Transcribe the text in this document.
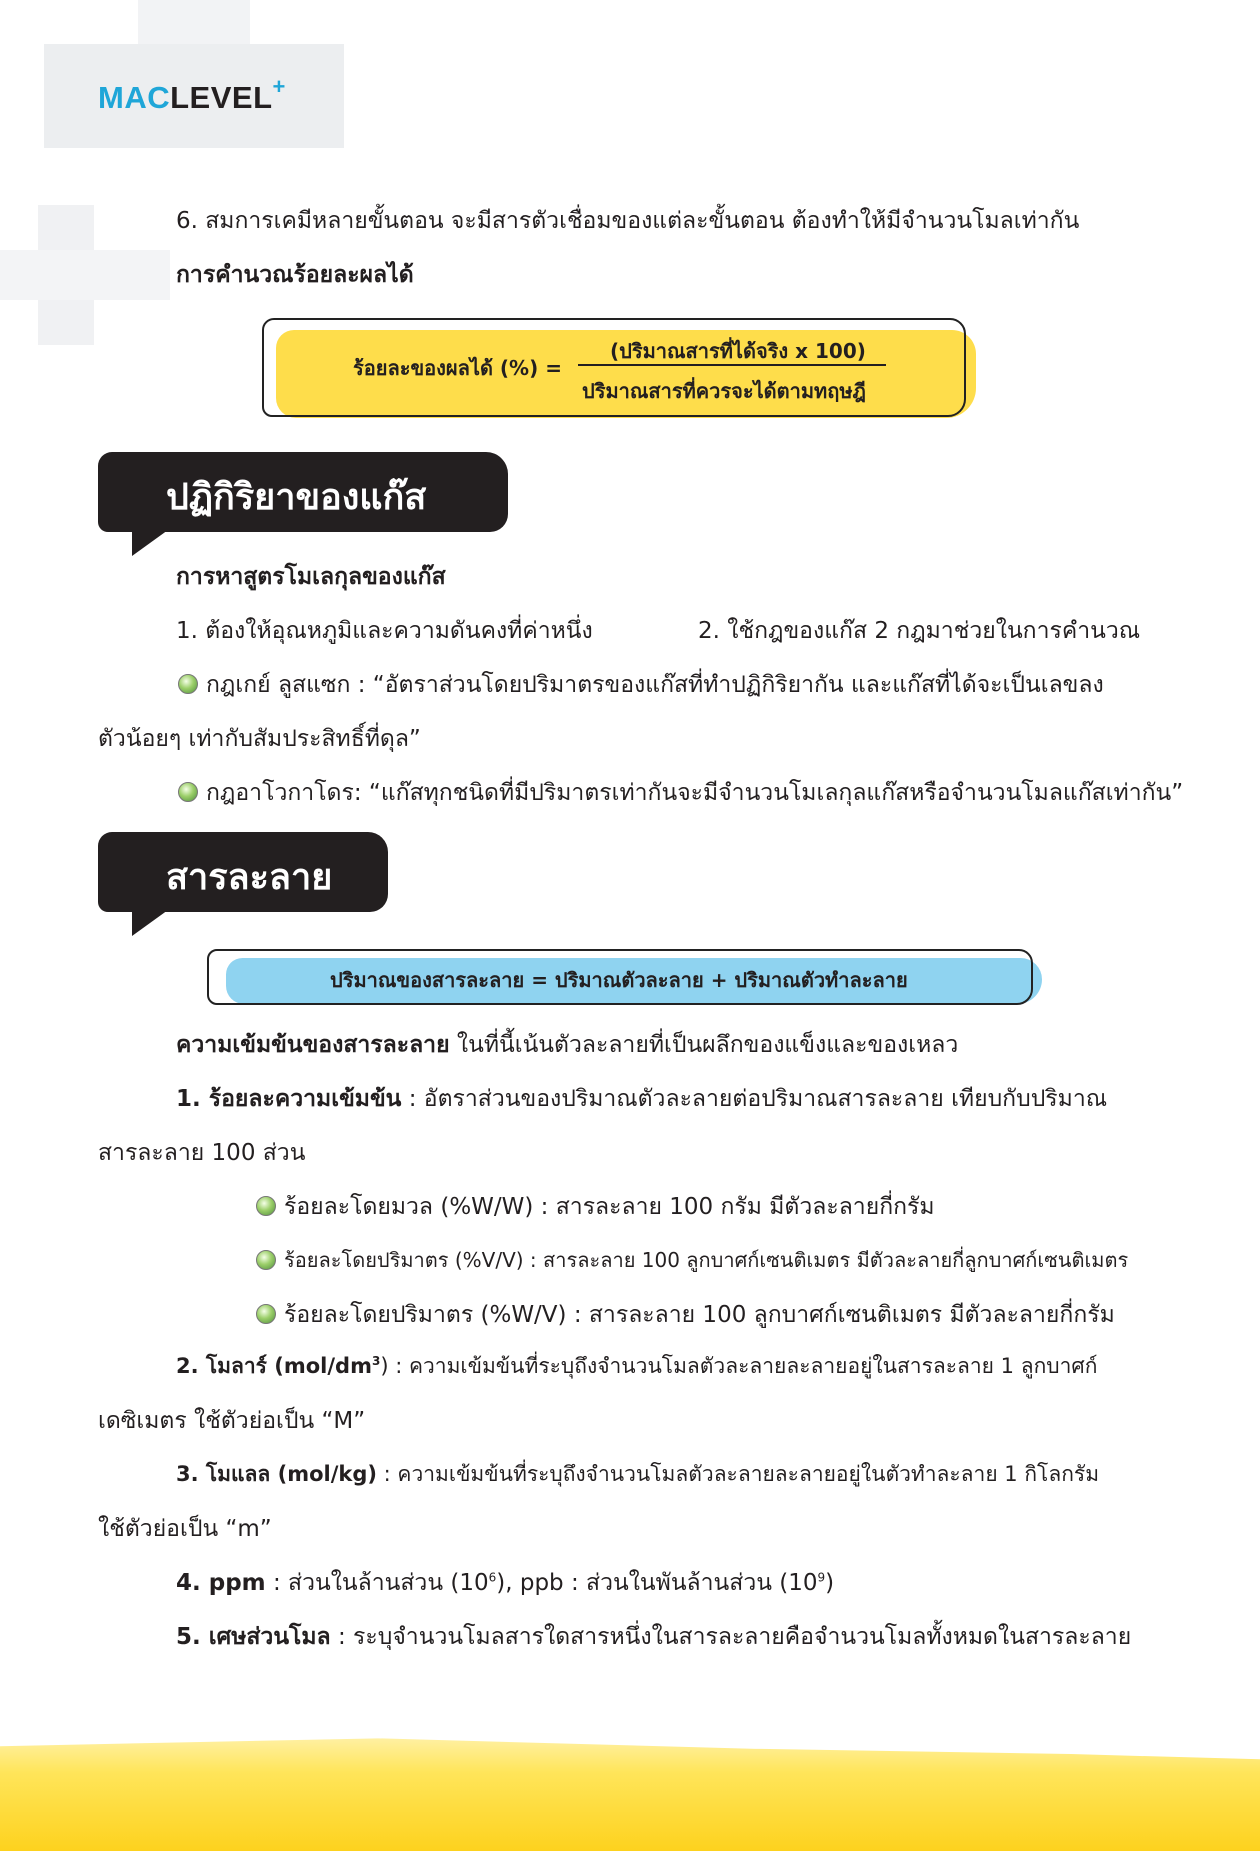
MACLEVEL+
6. สมการเคมีหลายขั้นตอน จะมีสารตัวเชื่อมของแต่ละขั้นตอน ต้องทำให้มีจำนวนโมลเท่ากัน
การคำนวณร้อยละผลได้
ร้อยละของผลได้ (%) =
(ปริมาณสารที่ได้จริง x 100)
ปริมาณสารที่ควรจะได้ตามทฤษฎี
ปฏิกิริยาของแก๊ส
การหาสูตรโมเลกุลของแก๊ส
1. ต้องให้อุณหภูมิและความดันคงที่ค่าหนึ่ง	2. ใช้กฎของแก๊ส 2 กฎมาช่วยในการคำนวณ
กฎเกย์ ลูสแซก : “อัตราส่วนโดยปริมาตรของแก๊สที่ทำปฏิกิริยากัน และแก๊สที่ได้จะเป็นเลขลง
ตัวน้อยๆ เท่ากับสัมประสิทธิ์ที่ดุล”
กฎอาโวกาโดร: “แก๊สทุกชนิดที่มีปริมาตรเท่ากันจะมีจำนวนโมเลกุลแก๊สหรือจำนวนโมลแก๊สเท่ากัน”
สารละลาย
ปริมาณของสารละลาย = ปริมาณตัวละลาย + ปริมาณตัวทำละลาย
ความเข้มข้นของสารละลาย ในที่นี้เน้นตัวละลายที่เป็นผลึกของแข็งและของเหลว
1. ร้อยละความเข้มข้น : อัตราส่วนของปริมาณตัวละลายต่อปริมาณสารละลาย เทียบกับปริมาณ
สารละลาย 100 ส่วน
ร้อยละโดยมวล (%W/W) : สารละลาย 100 กรัม มีตัวละลายกี่กรัม
ร้อยละโดยปริมาตร (%V/V) : สารละลาย 100 ลูกบาศก์เซนติเมตร มีตัวละลายกี่ลูกบาศก์เซนติเมตร
ร้อยละโดยปริมาตร (%W/V) : สารละลาย 100 ลูกบาศก์เซนติเมตร มีตัวละลายกี่กรัม
2. โมลาร์ $(mol/dm^3)$ : ความเข้มข้นที่ระบุถึงจำนวนโมลตัวละลายละลายอยู่ในสารละลาย 1 ลูกบาศก์
เดซิเมตร ใช้ตัวย่อเป็น “M”
3. โมแลล (mol/kg) : ความเข้มข้นที่ระบุถึงจำนวนโมลตัวละลายละลายอยู่ในตัวทำละลาย 1 กิโลกรัม
ใช้ตัวย่อเป็น “m”
4. ppm : ส่วนในล้านส่วน $(10^6)$, ppb : ส่วนในพันล้านส่วน $(10^9)$
5. เศษส่วนโมล : ระบุจำนวนโมลสารใดสารหนึ่งในสารละลายคือจำนวนโมลทั้งหมดในสารละลาย
